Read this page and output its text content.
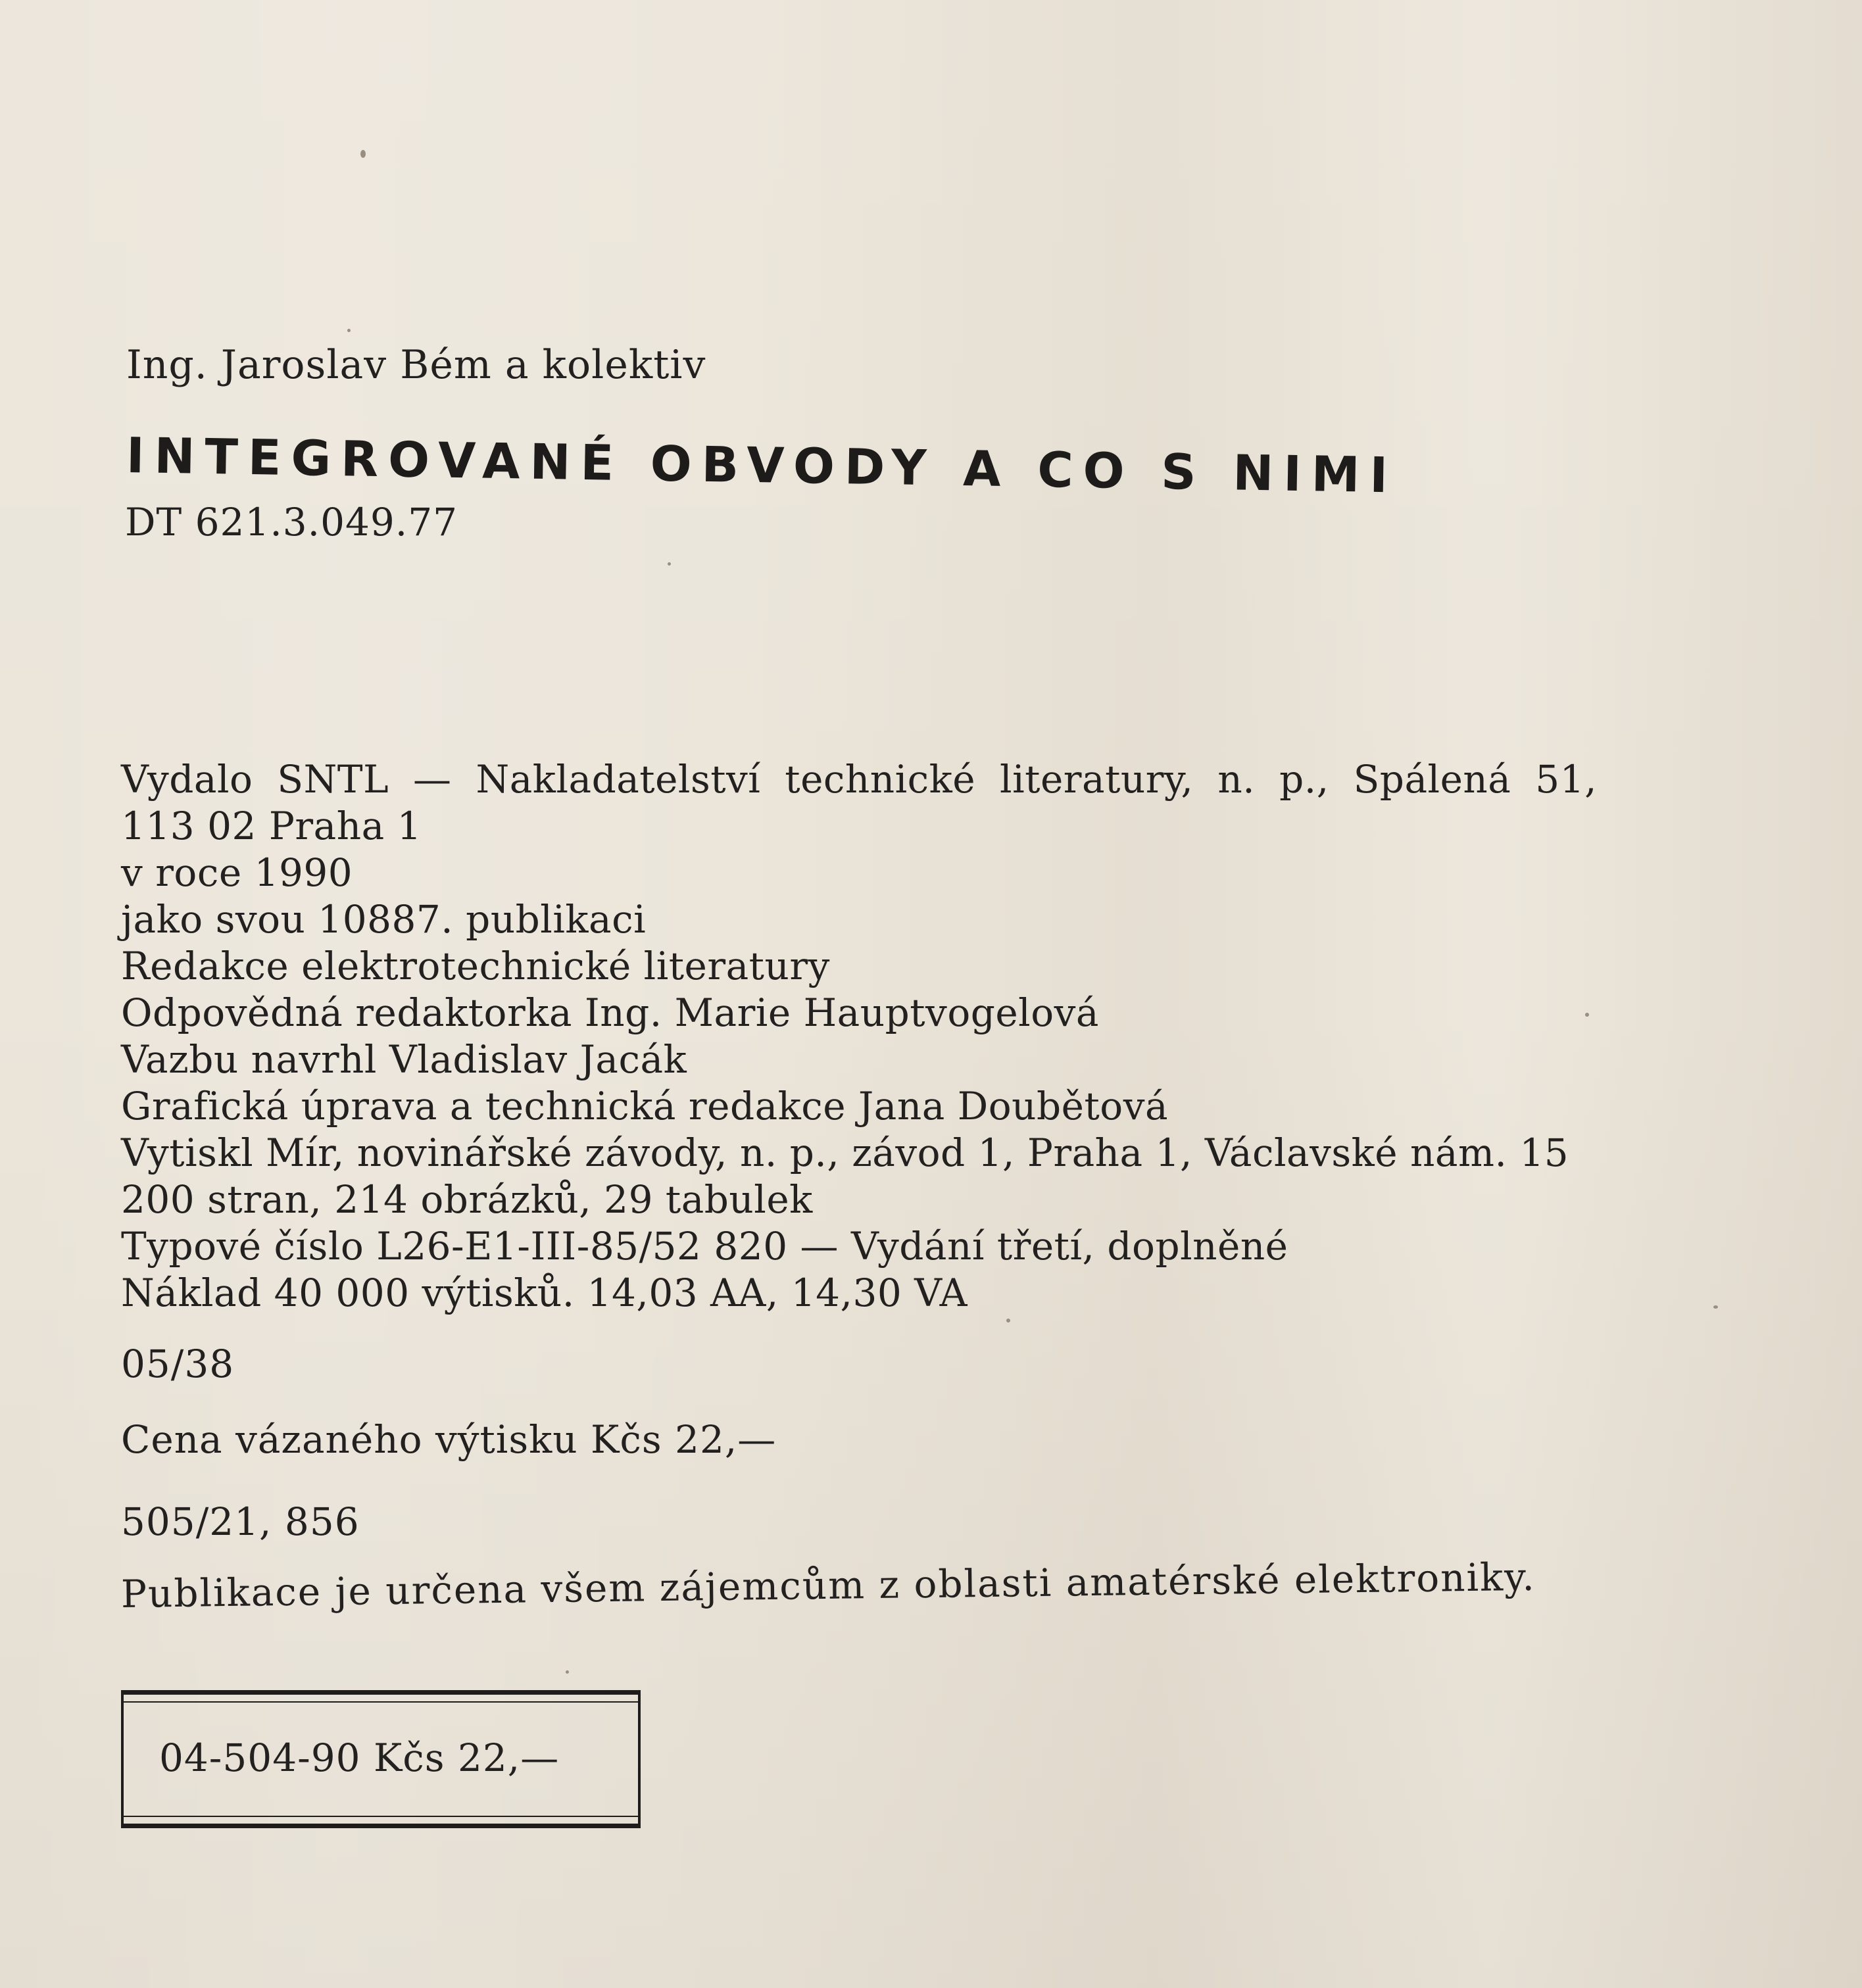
Ing. Jaroslav Bém a kolektiv
INTEGROVANÉ OBVODY A CO S NIMI
DT 621.3.049.77
Vydalo SNTL — Nakladatelství technické literatury, n. p., Spálená 51,
113 02 Praha 1
v roce 1990
jako svou 10887. publikaci
Redakce elektrotechnické literatury
Odpovědná redaktorka Ing. Marie Hauptvogelová
Vazbu navrhl Vladislav Jacák
Grafická úprava a technická redakce Jana Doubětová
Vytiskl Mír, novinářské závody, n. p., závod 1, Praha 1, Václavské nám. 15
200 stran, 214 obrázků, 29 tabulek
Typové číslo L26-E1-III-85/52 820 — Vydání třetí, doplněné
Náklad 40 000 výtisků. 14,03 AA, 14,30 VA
05/38
Cena vázaného výtisku Kčs 22,—
505/21, 856
Publikace je určena všem zájemcům z oblasti amatérské elektroniky.
04-504-90 Kčs 22,—
